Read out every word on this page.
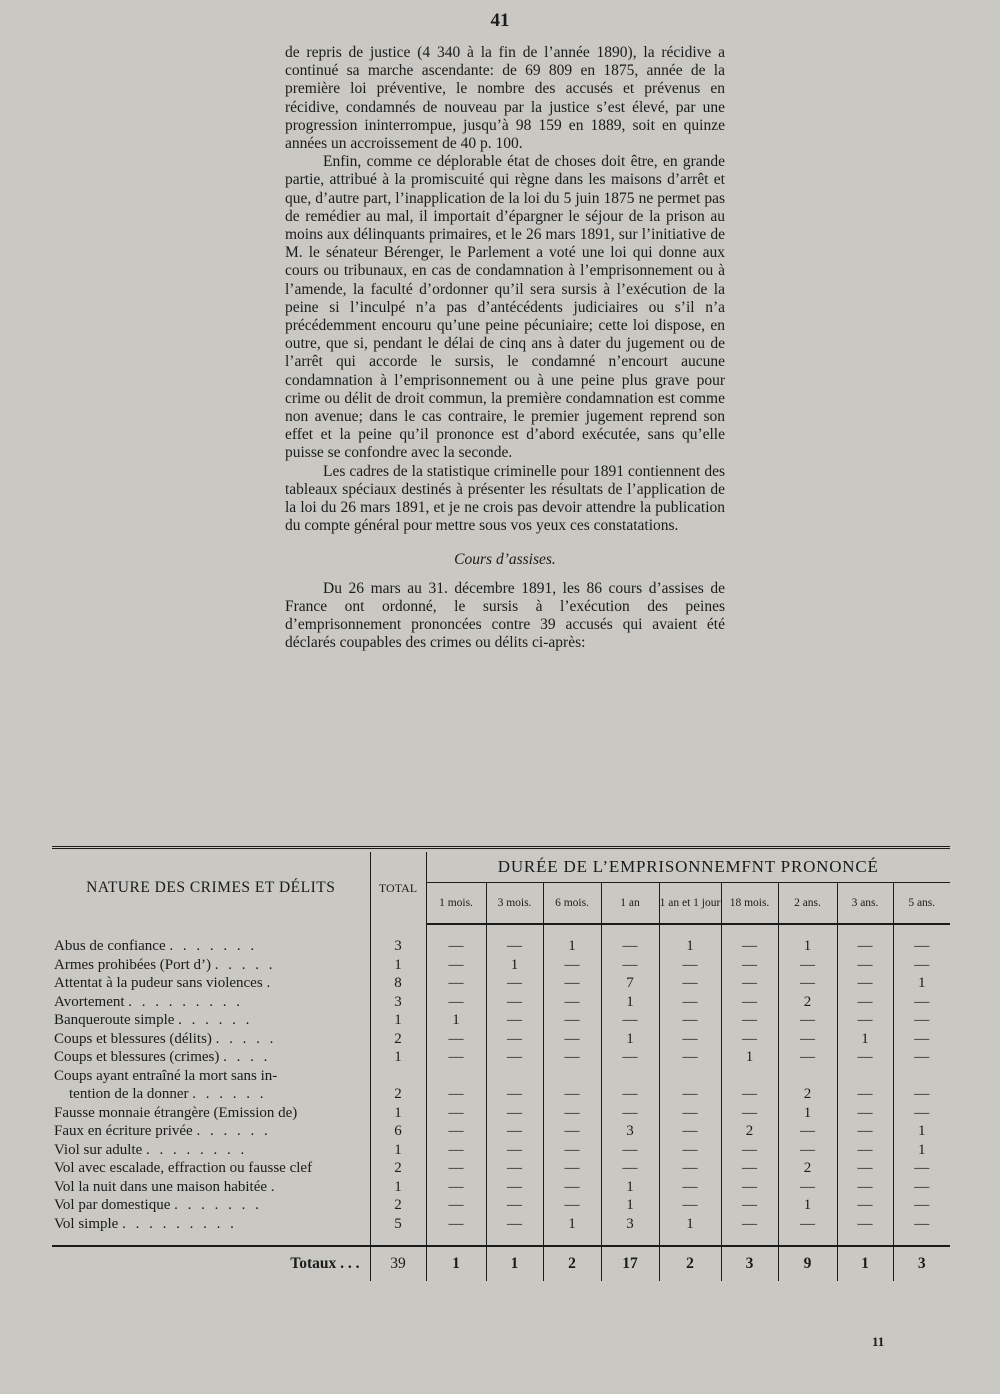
41

de repris de justice (4 340 à la fin de l’année 1890), la récidive a continué sa marche ascendante: de 69 809 en 1875, année de la première loi préventive, le nombre des accusés et prévenus en récidive, condamnés de nouveau par la justice s’est élevé, par une progression ininterrompue, jusqu’à 98 159 en 1889, soit en quinze années un accroissement de 40 p. 100.

Enfin, comme ce déplorable état de choses doit être, en grande partie, attribué à la promiscuité qui règne dans les maisons d’arrêt et que, d’autre part, l’inapplication de la loi du 5 juin 1875 ne permet pas de remédier au mal, il importait d’épargner le séjour de la prison au moins aux délinquants primaires, et le 26 mars 1891, sur l’initiative de M. le sénateur Bérenger, le Parlement a voté une loi qui donne aux cours ou tribunaux, en cas de condamnation à l’emprisonnement ou à l’amende, la faculté d’ordonner qu’il sera sursis à l’exécution de la peine si l’inculpé n’a pas d’antécédents judiciaires ou s’il n’a précédemment encouru qu’une peine pécuniaire; cette loi dispose, en outre, que si, pendant le délai de cinq ans à dater du jugement ou de l’arrêt qui accorde le sursis, le condamné n’encourt aucune condamnation à l’emprisonnement ou à une peine plus grave pour crime ou délit de droit commun, la première condamnation est comme non avenue; dans le cas contraire, le premier jugement reprend son effet et la peine qu’il prononce est d’abord exécutée, sans qu’elle puisse se confondre avec la seconde.

Les cadres de la statistique criminelle pour 1891 contiennent des tableaux spéciaux destinés à présenter les résultats de l’application de la loi du 26 mars 1891, et je ne crois pas devoir attendre la publication du compte général pour mettre sous vos yeux ces constatations.

Cours d’assises.

Du 26 mars au 31. décembre 1891, les 86 cours d’assises de France ont ordonné, le sursis à l’exécution des peines d’emprisonnement prononcées contre 39 accusés qui avaient été déclarés coupables des crimes ou délits ci-après:

NATURE DES CRIMES ET DÉLITS	TOTAL	DURÉE DE L’EMPRISONNEMFNT PRONONCÉ								
		1 mois.	3 mois.	6 mois.	1 an	1 an et 1 jour	18 mois.	2 ans.	3 ans.	5 ans.

Abus de confiance . . . . . . .	3	—	—	1	—	1	—	1	—	—
Armes prohibées (Port d’) . . . . .	1	—	1	—	—	—	—	—	—	—
Attentat à la pudeur sans violences .	8	—	—	—	7	—	—	—	—	1
Avortement . . . . . . . . .	3	—	—	—	1	—	—	2	—	—
Banqueroute simple . . . . . .	1	1	—	—	—	—	—	—	—	—
Coups et blessures (délits) . . . . .	2	—	—	—	1	—	—	—	1	—
Coups et blessures (crimes) . . . .	1	—	—	—	—	—	1	—	—	—
Coups ayant entraîné la mort sans in-										
tention de la donner . . . . . .	2	—	—	—	—	—	—	2	—	—
Fausse monnaie étrangère (Emission de)	1	—	—	—	—	—	—	1	—	—
Faux en écriture privée . . . . . .	6	—	—	—	3	—	2	—	—	1
Viol sur adulte . . . . . . . .	1	—	—	—	—	—	—	—	—	1
Vol avec escalade, effraction ou fausse clef	2	—	—	—	—	—	—	2	—	—
Vol la nuit dans une maison habitée .	1	—	—	—	1	—	—	—	—	—
Vol par domestique . . . . . . .	2	—	—	—	1	—	—	1	—	—
Vol simple . . . . . . . . .	5	—	—	1	3	1	—	—	—	—

Totaux . . .	39	1	1	2	17	2	3	9	1	3
11
